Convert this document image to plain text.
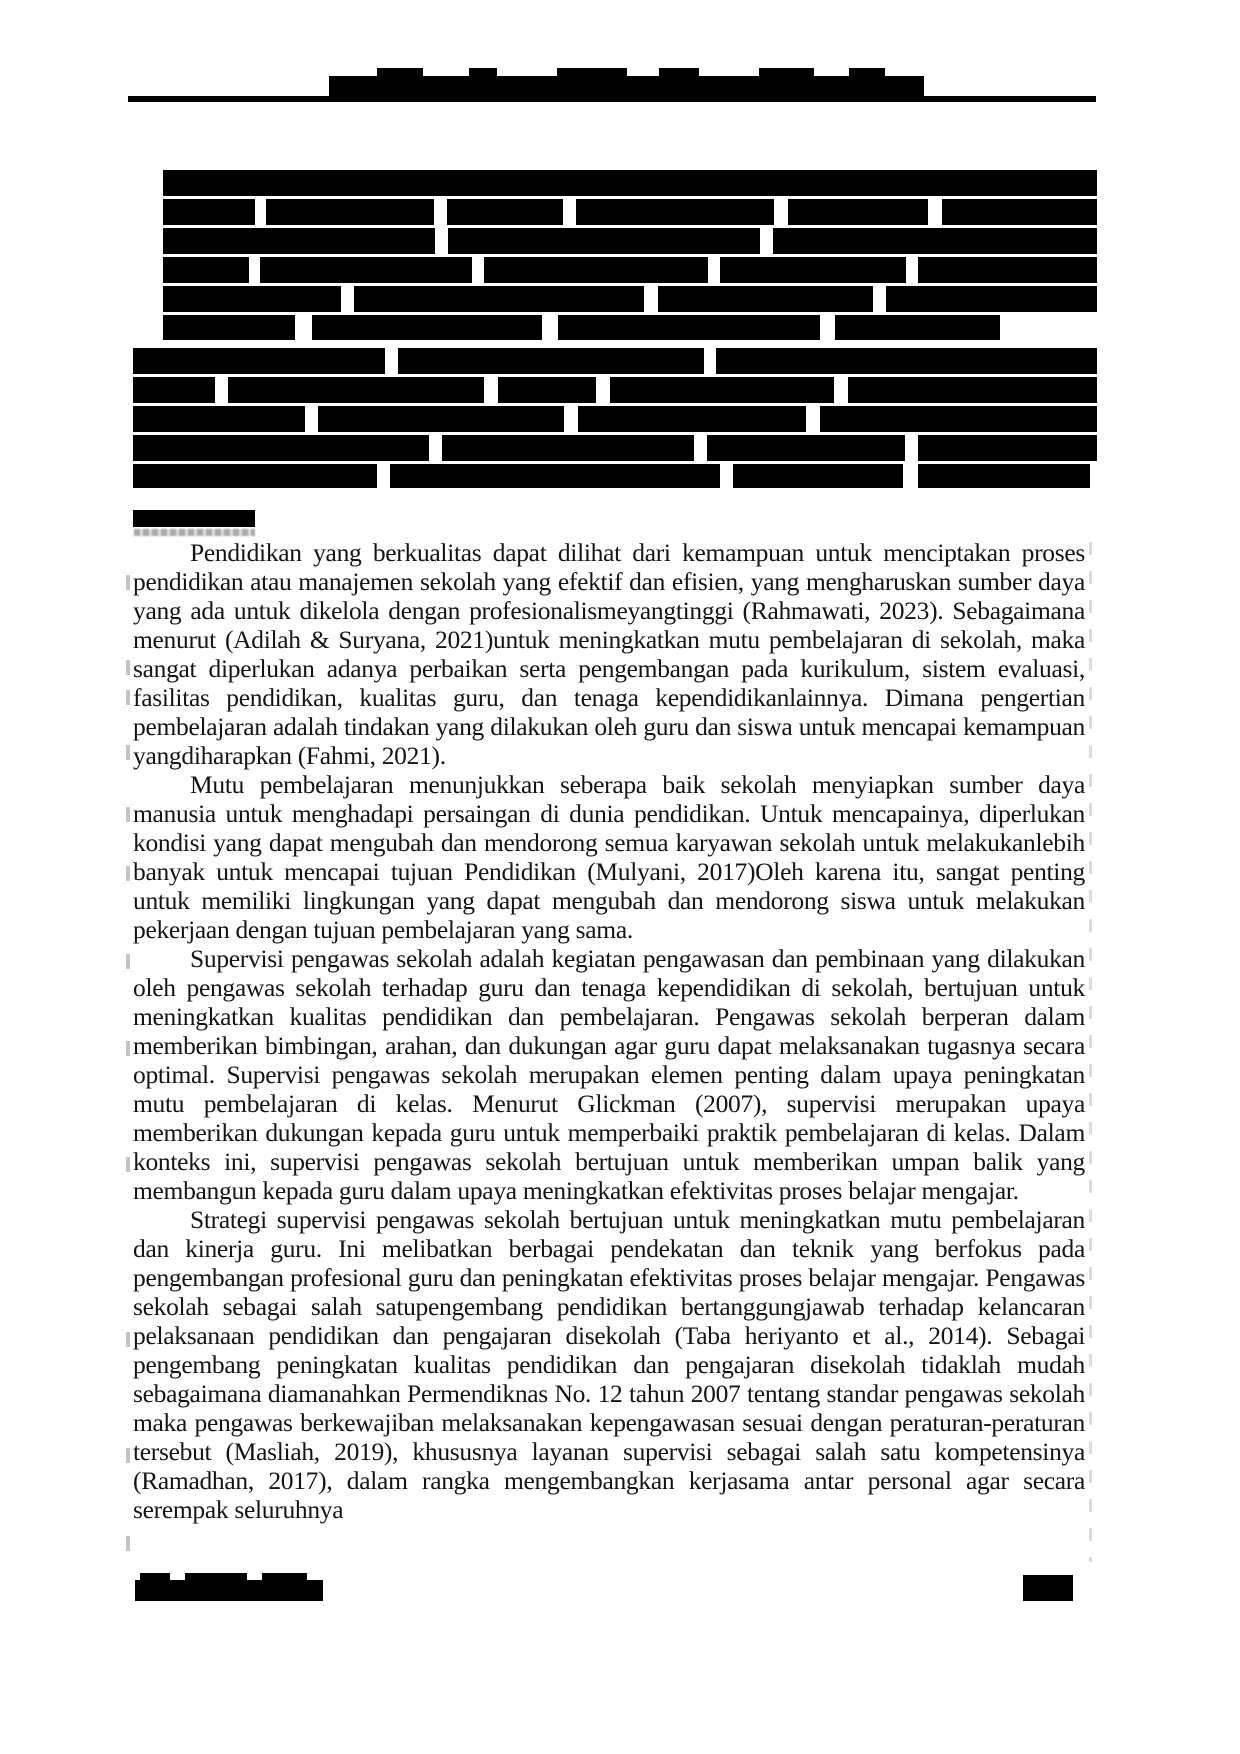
Pendidikan yang berkualitas dapat dilihat dari kemampuan untuk menciptakan proses pendidikan atau manajemen sekolah yang efektif dan efisien, yang mengharuskan sumber daya yang ada untuk dikelola dengan profesionalismeyangtinggi (Rahmawati, 2023). Sebagaimana menurut (Adilah & Suryana, 2021)untuk meningkatkan mutu pembelajaran di sekolah, maka sangat diperlukan adanya perbaikan serta pengembangan pada kurikulum, sistem evaluasi, fasilitas pendidikan, kualitas guru, dan tenaga kependidikanlainnya. Dimana pengertian pembelajaran adalah tindakan yang dilakukan oleh guru dan siswa untuk mencapai kemampuan yangdiharapkan (Fahmi, 2021).

Mutu pembelajaran menunjukkan seberapa baik sekolah menyiapkan sumber daya manusia untuk menghadapi persaingan di dunia pendidikan. Untuk mencapainya, diperlukan kondisi yang dapat mengubah dan mendorong semua karyawan sekolah untuk melakukanlebih banyak untuk mencapai tujuan Pendidikan (Mulyani, 2017)Oleh karena itu, sangat penting untuk memiliki lingkungan yang dapat mengubah dan mendorong siswa untuk melakukan pekerjaan dengan tujuan pembelajaran yang sama.

Supervisi pengawas sekolah adalah kegiatan pengawasan dan pembinaan yang dilakukan oleh pengawas sekolah terhadap guru dan tenaga kependidikan di sekolah, bertujuan untuk meningkatkan kualitas pendidikan dan pembelajaran. Pengawas sekolah berperan dalam memberikan bimbingan, arahan, dan dukungan agar guru dapat melaksanakan tugasnya secara optimal. Supervisi pengawas sekolah merupakan elemen penting dalam upaya peningkatan mutu pembelajaran di kelas. Menurut Glickman (2007), supervisi merupakan upaya memberikan dukungan kepada guru untuk memperbaiki praktik pembelajaran di kelas. Dalam konteks ini, supervisi pengawas sekolah bertujuan untuk memberikan umpan balik yang membangun kepada guru dalam upaya meningkatkan efektivitas proses belajar mengajar.

Strategi supervisi pengawas sekolah bertujuan untuk meningkatkan mutu pembelajaran dan kinerja guru. Ini melibatkan berbagai pendekatan dan teknik yang berfokus pada pengembangan profesional guru dan peningkatan efektivitas proses belajar mengajar. Pengawas sekolah sebagai salah satupengembang pendidikan bertanggungjawab terhadap kelancaran pelaksanaan pendidikan dan pengajaran disekolah (Taba heriyanto et al., 2014). Sebagai pengembang peningkatan kualitas pendidikan dan pengajaran disekolah tidaklah mudah sebagaimana diamanahkan Permendiknas No. 12 tahun 2007 tentang standar pengawas sekolah maka pengawas berkewajiban melaksanakan kepengawasan sesuai dengan peraturan-peraturan tersebut (Masliah, 2019), khususnya layanan supervisi sebagai salah satu kompetensinya (Ramadhan, 2017), dalam rangka mengembangkan kerjasama antar personal agar secara serempak seluruhnya
